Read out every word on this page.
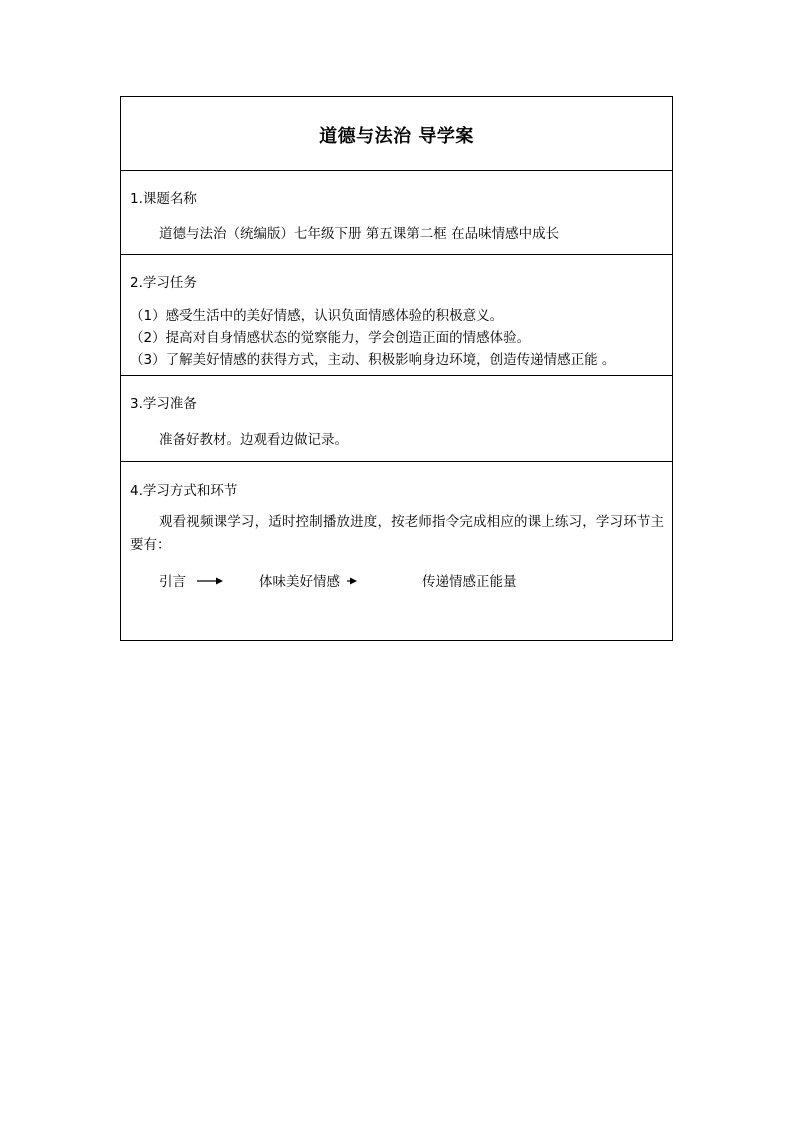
道德与法治 导学案
1.课题名称
道德与法治（统编版）七年级下册 第五课第二框 在品味情感中成长
2.学习任务
（1）感受生活中的美好情感，认识负面情感体验的积极意义。
（2）提高对自身情感状态的觉察能力，学会创造正面的情感体验。
（3）了解美好情感的获得方式，主动、积极影响身边环境，创造传递情感正能 。
3.学习准备
准备好教材。边观看边做记录。
4.学习方式和环节
观看视频课学习，适时控制播放进度，按老师指令完成相应的课上练习，学习环节主要有：
引言	体味美好情感	传递情感正能量
